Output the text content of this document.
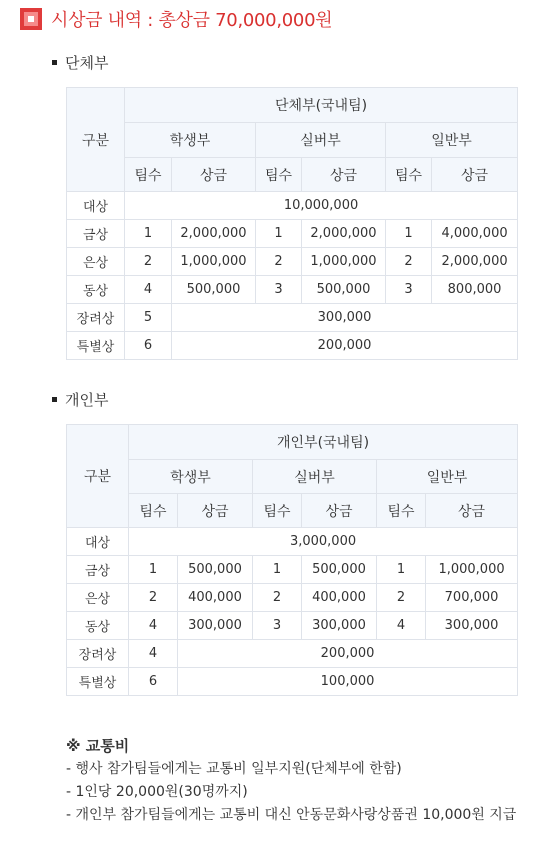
시상금 내역 : 총상금 70,000,000원
단체부
구분	단체부(국내팀)					
	학생부		실버부		일반부	
	팀수	상금	팀수	상금	팀수	상금
대상	10,000,000					
금상	1	2,000,000	1	2,000,000	1	4,000,000
은상	2	1,000,000	2	1,000,000	2	2,000,000
동상	4	500,000	3	500,000	3	800,000
장려상	5	300,000				
특별상	6	200,000				
개인부
구분	개인부(국내팀)					
	학생부		실버부		일반부	
	팀수	상금	팀수	상금	팀수	상금
대상	3,000,000					
금상	1	500,000	1	500,000	1	1,000,000
은상	2	400,000	2	400,000	2	700,000
동상	4	300,000	3	300,000	4	300,000
장려상	4	200,000				
특별상	6	100,000				
※ 교통비
- 행사 참가팀들에게는 교통비 일부지원(단체부에 한함)
- 1인당 20,000원(30명까지)
- 개인부 참가팀들에게는 교통비 대신 안동문화사랑상품권 10,000원 지급
